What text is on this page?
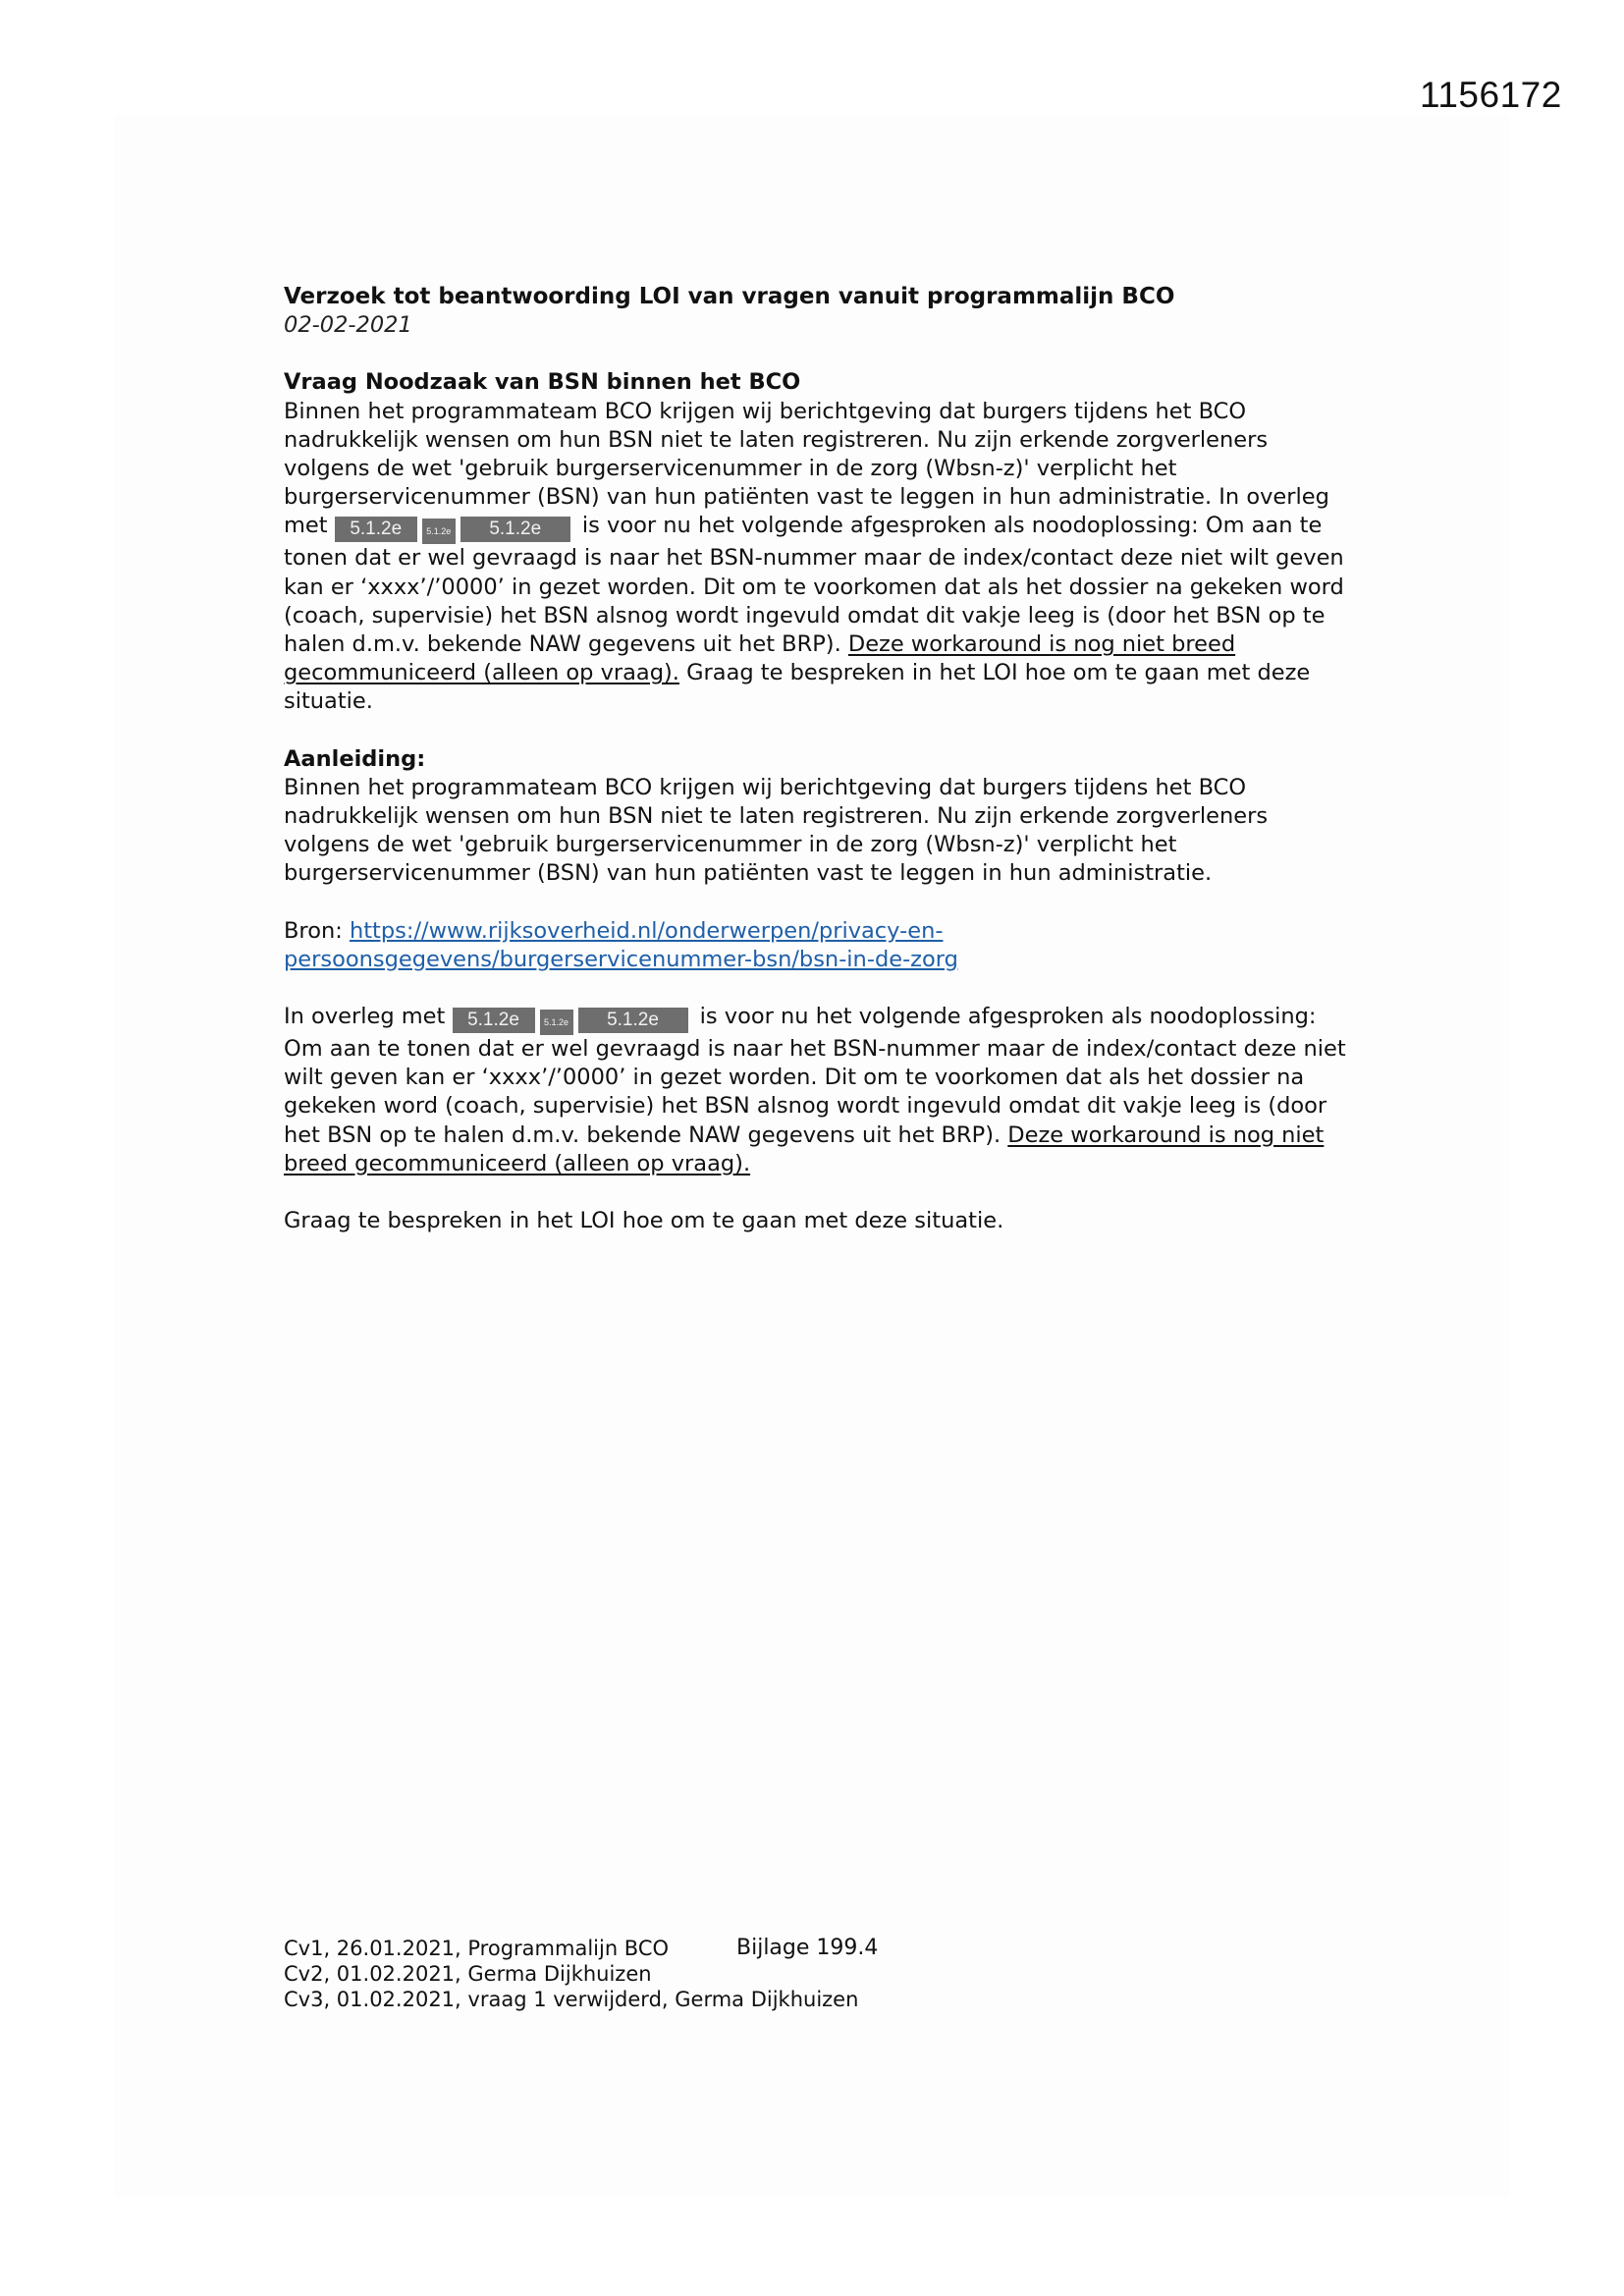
1156172

Verzoek tot beantwoording LOI van vragen vanuit programmalijn BCO

02-02-2021

Vraag Noodzaak van BSN binnen het BCO

Binnen het programmateam BCO krijgen wij berichtgeving dat burgers tijdens het BCO nadrukkelijk wensen om hun BSN niet te laten registreren. Nu zijn erkende zorgverleners volgens de wet 'gebruik burgerservicenummer in de zorg (Wbsn-z)' verplicht het burgerservicenummer (BSN) van hun patiënten vast te leggen in hun administratie. In overleg met 5.1.2e	5.1.2e 5.1.2e is voor nu het volgende afgesproken als noodoplossing: Om aan te tonen dat er wel gevraagd is naar het BSN-nummer maar de index/contact deze niet wilt geven kan er ‘xxxx’/’0000’ in gezet worden. Dit om te voorkomen dat als het dossier na gekeken word (coach, supervisie) het BSN alsnog wordt ingevuld omdat dit vakje leeg is (door het BSN op te halen d.m.v. bekende NAW gegevens uit het BRP). Deze workaround is nog niet breed gecommuniceerd (alleen op vraag). Graag te bespreken in het LOI hoe om te gaan met deze situatie.

Aanleiding:

Binnen het programmateam BCO krijgen wij berichtgeving dat burgers tijdens het BCO nadrukkelijk wensen om hun BSN niet te laten registreren. Nu zijn erkende zorgverleners volgens de wet 'gebruik burgerservicenummer in de zorg (Wbsn-z)' verplicht het burgerservicenummer (BSN) van hun patiënten vast te leggen in hun administratie.

Bron: https://www.rijksoverheid.nl/onderwerpen/privacy-en-persoonsgegevens/burgerservicenummer-bsn/bsn-in-de-zorg

In overleg met 5.1.2e	5.1.2e 5.1.2e is voor nu het volgende afgesproken als noodoplossing: Om aan te tonen dat er wel gevraagd is naar het BSN-nummer maar de index/contact deze niet wilt geven kan er ‘xxxx’/’0000’ in gezet worden. Dit om te voorkomen dat als het dossier na gekeken word (coach, supervisie) het BSN alsnog wordt ingevuld omdat dit vakje leeg is (door het BSN op te halen d.m.v. bekende NAW gegevens uit het BRP). Deze workaround is nog niet breed gecommuniceerd (alleen op vraag).

Graag te bespreken in het LOI hoe om te gaan met deze situatie.

Cv1, 26.01.2021, Programmalijn BCO
Cv2, 01.02.2021, Germa Dijkhuizen
Cv3, 01.02.2021, vraag 1 verwijderd, Germa Dijkhuizen
Bijlage 199.4
